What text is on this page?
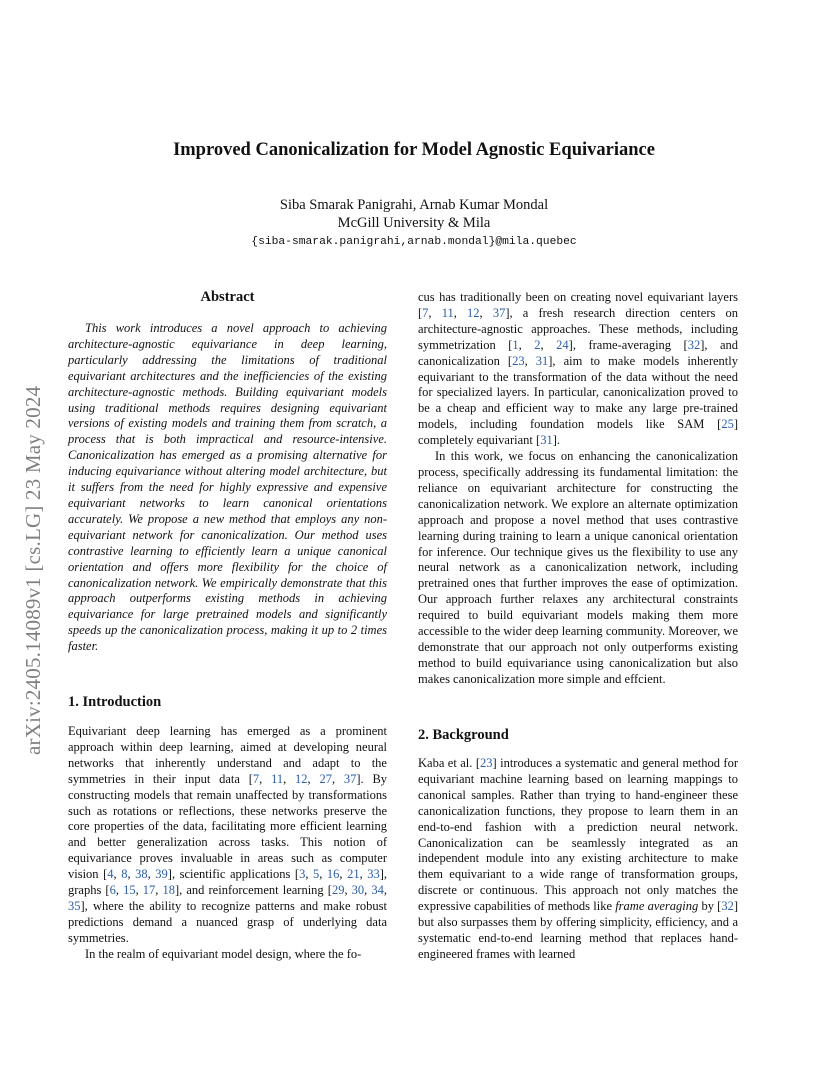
arXiv:2405.14089v1 [cs.LG] 23 May 2024
Improved Canonicalization for Model Agnostic Equivariance
Siba Smarak Panigrahi, Arnab Kumar Mondal
McGill University & Mila
{siba-smarak.panigrahi,arnab.mondal}@mila.quebec
Abstract

This work introduces a novel approach to achieving architecture-agnostic equivariance in deep learning, particularly addressing the limitations of traditional equivariant architectures and the inefficiencies of the existing architecture-agnostic methods. Building equivariant models using traditional methods requires designing equivariant versions of existing models and training them from scratch, a process that is both impractical and resource-intensive. Canonicalization has emerged as a promising alternative for inducing equivariance without altering model architecture, but it suffers from the need for highly expressive and expensive equivariant networks to learn canonical orientations accurately. We propose a new method that employs any non-equivariant network for canonicalization. Our method uses contrastive learning to efficiently learn a unique canonical orientation and offers more flexibility for the choice of canonicalization network. We empirically demonstrate that this approach outperforms existing methods in achieving equivariance for large pretrained models and significantly speeds up the canonicalization process, making it up to 2 times faster.

1. Introduction

Equivariant deep learning has emerged as a prominent approach within deep learning, aimed at developing neural networks that inherently understand and adapt to the symmetries in their input data [7, 11, 12, 27, 37]. By constructing models that remain unaffected by transformations such as rotations or reflections, these networks preserve the core properties of the data, facilitating more efficient learning and better generalization across tasks. This notion of equivariance proves invaluable in areas such as computer vision [4, 8, 38, 39], scientific applications [3, 5, 16, 21, 33], graphs [6, 15, 17, 18], and reinforcement learning [29, 30, 34, 35], where the ability to recognize patterns and make robust predictions demand a nuanced grasp of underlying data symmetries.

In the realm of equivariant model design, where the fo-

cus has traditionally been on creating novel equivariant layers [7, 11, 12, 37], a fresh research direction centers on architecture-agnostic approaches. These methods, including symmetrization [1, 2, 24], frame-averaging [32], and canonicalization [23, 31], aim to make models inherently equivariant to the transformation of the data without the need for specialized layers. In particular, canonicalization proved to be a cheap and efficient way to make any large pre-trained models, including foundation models like SAM [25] completely equivariant [31].

In this work, we focus on enhancing the canonicalization process, specifically addressing its fundamental limitation: the reliance on equivariant architecture for constructing the canonicalization network. We explore an alternate optimization approach and propose a novel method that uses contrastive learning during training to learn a unique canonical orientation for inference. Our technique gives us the flexibility to use any neural network as a canonicalization network, including pretrained ones that further improves the ease of optimization. Our approach further relaxes any architectural constraints required to build equivariant models making them more accessible to the wider deep learning community. Moreover, we demonstrate that our approach not only outperforms existing method to build equivariance using canonicalization but also makes canonicalization more simple and effcient.

2. Background

Kaba et al. [23] introduces a systematic and general method for equivariant machine learning based on learning mappings to canonical samples. Rather than trying to hand-engineer these canonicalization functions, they propose to learn them in an end-to-end fashion with a prediction neural network. Canonicalization can be seamlessly integrated as an independent module into any existing architecture to make them equivariant to a wide range of transformation groups, discrete or continuous. This approach not only matches the expressive capabilities of methods like frame averaging by [32] but also surpasses them by offering simplicity, efficiency, and a systematic end-to-end learning method that replaces hand-engineered frames with learned
